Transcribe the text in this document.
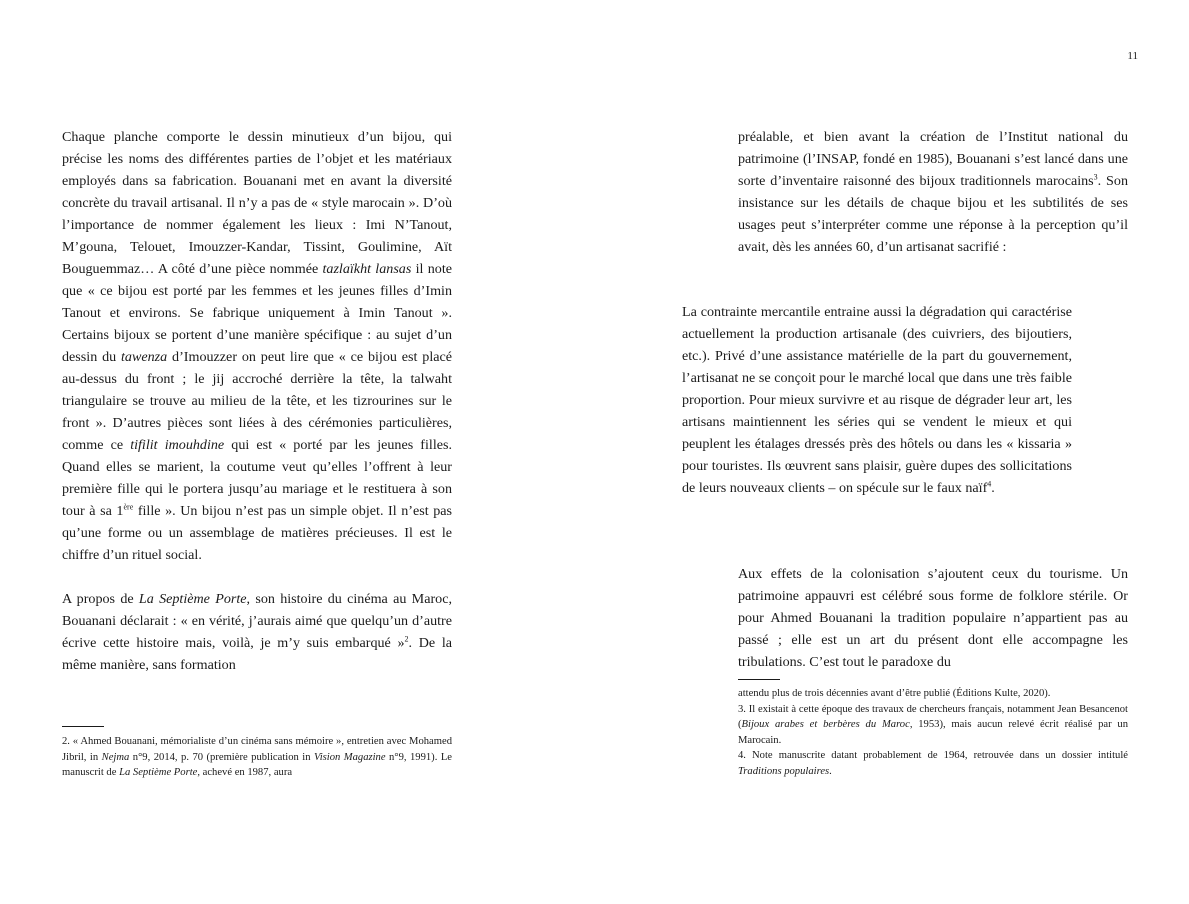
11

Chaque planche comporte le dessin minutieux d’un bijou, qui précise les noms des différentes parties de l’objet et les matériaux employés dans sa fabrication. Bouanani met en avant la diversité concrète du travail artisanal. Il n’y a pas de « style marocain ». D’où l’importance de nommer également les lieux : Imi N’Tanout, M’gouna, Telouet, Imouzzer-Kandar, Tissint, Goulimine, Aït Bouguemmaz… A côté d’une pièce nommée tazlaïkht lansas il note que « ce bijou est porté par les femmes et les jeunes filles d’Imin Tanout et environs. Se fabrique uniquement à Imin Tanout ». Certains bijoux se portent d’une manière spécifique : au sujet d’un dessin du tawenza d’Imouzzer on peut lire que « ce bijou est placé au-dessus du front ; le jij accroché derrière la tête, la talwaht triangulaire se trouve au milieu de la tête, et les tizrourines sur le front ». D’autres pièces sont liées à des cérémonies particulières, comme ce tifilit imouhdine qui est « porté par les jeunes filles. Quand elles se marient, la coutume veut qu’elles l’offrent à leur première fille qui le portera jusqu’au mariage et le restituera à son tour à sa 1ère fille ». Un bijou n’est pas un simple objet. Il n’est pas qu’une forme ou un assemblage de matières précieuses. Il est le chiffre d’un rituel social.

A propos de La Septième Porte, son histoire du cinéma au Maroc, Bouanani déclarait : « en vérité, j’aurais aimé que quelqu’un d’autre écrive cette histoire mais, voilà, je m’y suis embarqué »$^2$. De la même manière, sans formation

2. « Ahmed Bouanani, mémorialiste d’un cinéma sans mémoire », entretien avec Mohamed Jibril, in Nejma n°9, 2014, p. 70 (première publication in Vision Magazine n°9, 1991). Le manuscrit de La Septième Porte, achevé en 1987, aura

préalable, et bien avant la création de l’Institut national du patrimoine (l’INSAP, fondé en 1985), Bouanani s’est lancé dans une sorte d’inventaire raisonné des bijoux traditionnels marocains$^3$. Son insistance sur les détails de chaque bijou et les subtilités de ses usages peut s’interpréter comme une réponse à la perception qu’il avait, dès les années 60, d’un artisanat sacrifié :

La contrainte mercantile entraine aussi la dégradation qui caractérise actuellement la production artisanale (des cuivriers, des bijoutiers, etc.). Privé d’une assistance matérielle de la part du gouvernement, l’artisanat ne se conçoit pour le marché local que dans une très faible proportion. Pour mieux survivre et au risque de dégrader leur art, les artisans maintiennent les séries qui se vendent le mieux et qui peuplent les étalages dressés près des hôtels ou dans les « kissaria » pour touristes. Ils œuvrent sans plaisir, guère dupes des sollicitations de leurs nouveaux clients – on spécule sur le faux naïf$^4$.

Aux effets de la colonisation s’ajoutent ceux du tourisme. Un patrimoine appauvri est célébré sous forme de folklore stérile. Or pour Ahmed Bouanani la tradition populaire n’appartient pas au passé ; elle est un art du présent dont elle accompagne les tribulations. C’est tout le paradoxe du

attendu plus de trois décennies avant d’être publié (Éditions Kulte, 2020).

3. Il existait à cette époque des travaux de chercheurs français, notamment Jean Besancenot (Bijoux arabes et berbères du Maroc, 1953), mais aucun relevé écrit réalisé par un Marocain.

4. Note manuscrite datant probablement de 1964, retrouvée dans un dossier intitulé Traditions populaires.
